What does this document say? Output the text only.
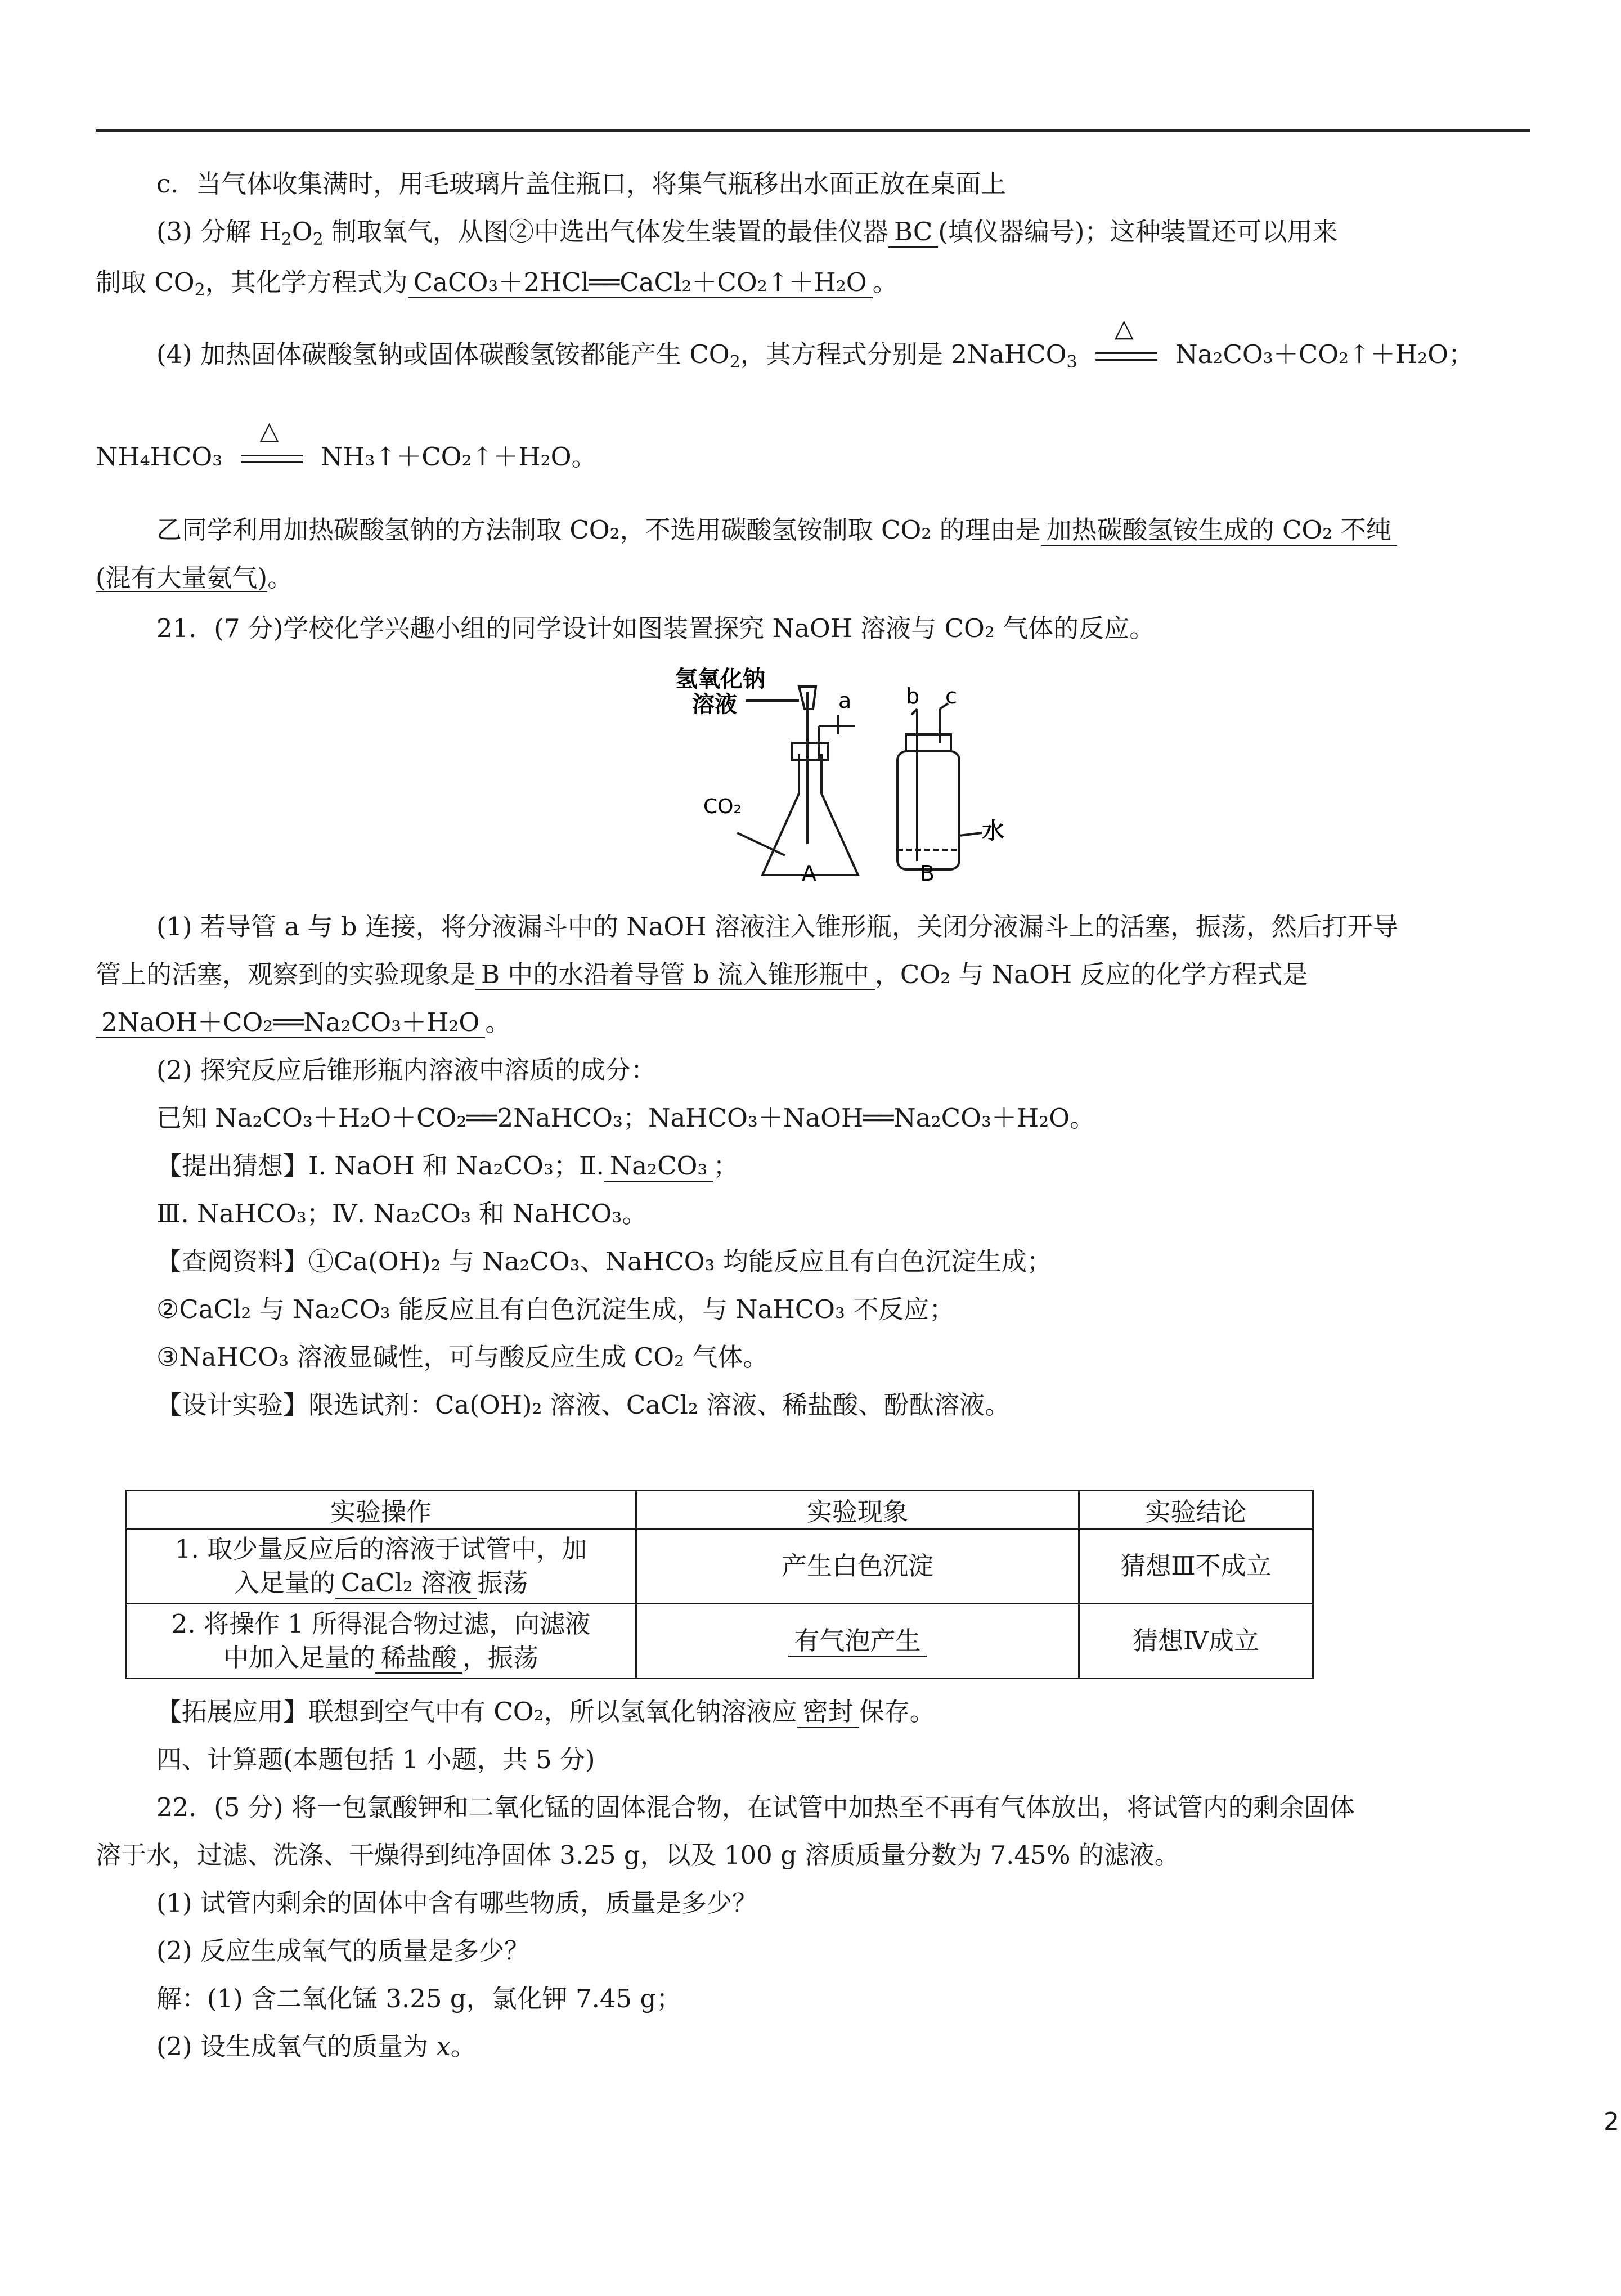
c．当气体收集满时，用毛玻璃片盖住瓶口，将集气瓶移出水面正放在桌面上
(3) 分解 $H_2O_2$ 制取氧气，从图②中选出气体发生装置的最佳仪器 BC (填仪器编号)；这种装置还可以用来
制取 $CO_2$，其化学方程式为 CaCO₃＋2HCl══CaCl₂＋CO₂↑＋H₂O 。
(4) 加热固体碳酸氢钠或固体碳酸氢铵都能产生 $CO_2$，其方程式分别是 2NaHCO$_3$
△
Na₂CO₃＋CO₂↑＋H₂O；
NH₄HCO₃
△
NH₃↑＋CO₂↑＋H₂O。
乙同学利用加热碳酸氢钠的方法制取 CO₂，不选用碳酸氢铵制取 CO₂ 的理由是 加热碳酸氢铵生成的 CO₂ 不纯
(混有大量氨气)。
21．(7 分)学校化学兴趣小组的同学设计如图装置探究 NaOH 溶液与 CO₂ 气体的反应。
氢氧化钠
溶液	a	b c
CO₂
水
A	B
(1) 若导管 a 与 b 连接，将分液漏斗中的 NaOH 溶液注入锥形瓶，关闭分液漏斗上的活塞，振荡，然后打开导
管上的活塞，观察到的实验现象是 B 中的水沿着导管 b 流入锥形瓶中 ，CO₂ 与 NaOH 反应的化学方程式是
2NaOH＋CO₂══Na₂CO₃＋H₂O 。
(2) 探究反应后锥形瓶内溶液中溶质的成分：
已知 Na₂CO₃＋H₂O＋CO₂══2NaHCO₃；NaHCO₃＋NaOH══Na₂CO₃＋H₂O。
【提出猜想】Ⅰ. NaOH 和 Na₂CO₃；Ⅱ. Na₂CO₃ ；
Ⅲ. NaHCO₃；Ⅳ. Na₂CO₃ 和 NaHCO₃。
【查阅资料】①Ca(OH)₂ 与 Na₂CO₃、NaHCO₃ 均能反应且有白色沉淀生成；
②CaCl₂ 与 Na₂CO₃ 能反应且有白色沉淀生成，与 NaHCO₃ 不反应；
③NaHCO₃ 溶液显碱性，可与酸反应生成 CO₂ 气体。
【设计实验】限选试剂：Ca(OH)₂ 溶液、CaCl₂ 溶液、稀盐酸、酚酞溶液。
实验操作	实验现象	实验结论

1. 取少量反应后的溶液于试管中，加
入足量的 CaCl₂ 溶液 振荡	产生白色沉淀	猜想Ⅲ不成立

2. 将操作 1 所得混合物过滤，向滤液
中加入足量的 稀盐酸 ，振荡	有气泡产生	猜想Ⅳ成立
【拓展应用】联想到空气中有 CO₂，所以氢氧化钠溶液应 密封 保存。
四、计算题(本题包括 1 小题，共 5 分)
22．(5 分) 将一包氯酸钾和二氧化锰的固体混合物，在试管中加热至不再有气体放出，将试管内的剩余固体
溶于水，过滤、洗涤、干燥得到纯净固体 3.25 g，以及 100 g 溶质质量分数为 7.45% 的滤液。
(1) 试管内剩余的固体中含有哪些物质，质量是多少？
(2) 反应生成氧气的质量是多少？
解：(1) 含二氧化锰 3.25 g，氯化钾 7.45 g；
(2) 设生成氧气的质量为 x。
2
